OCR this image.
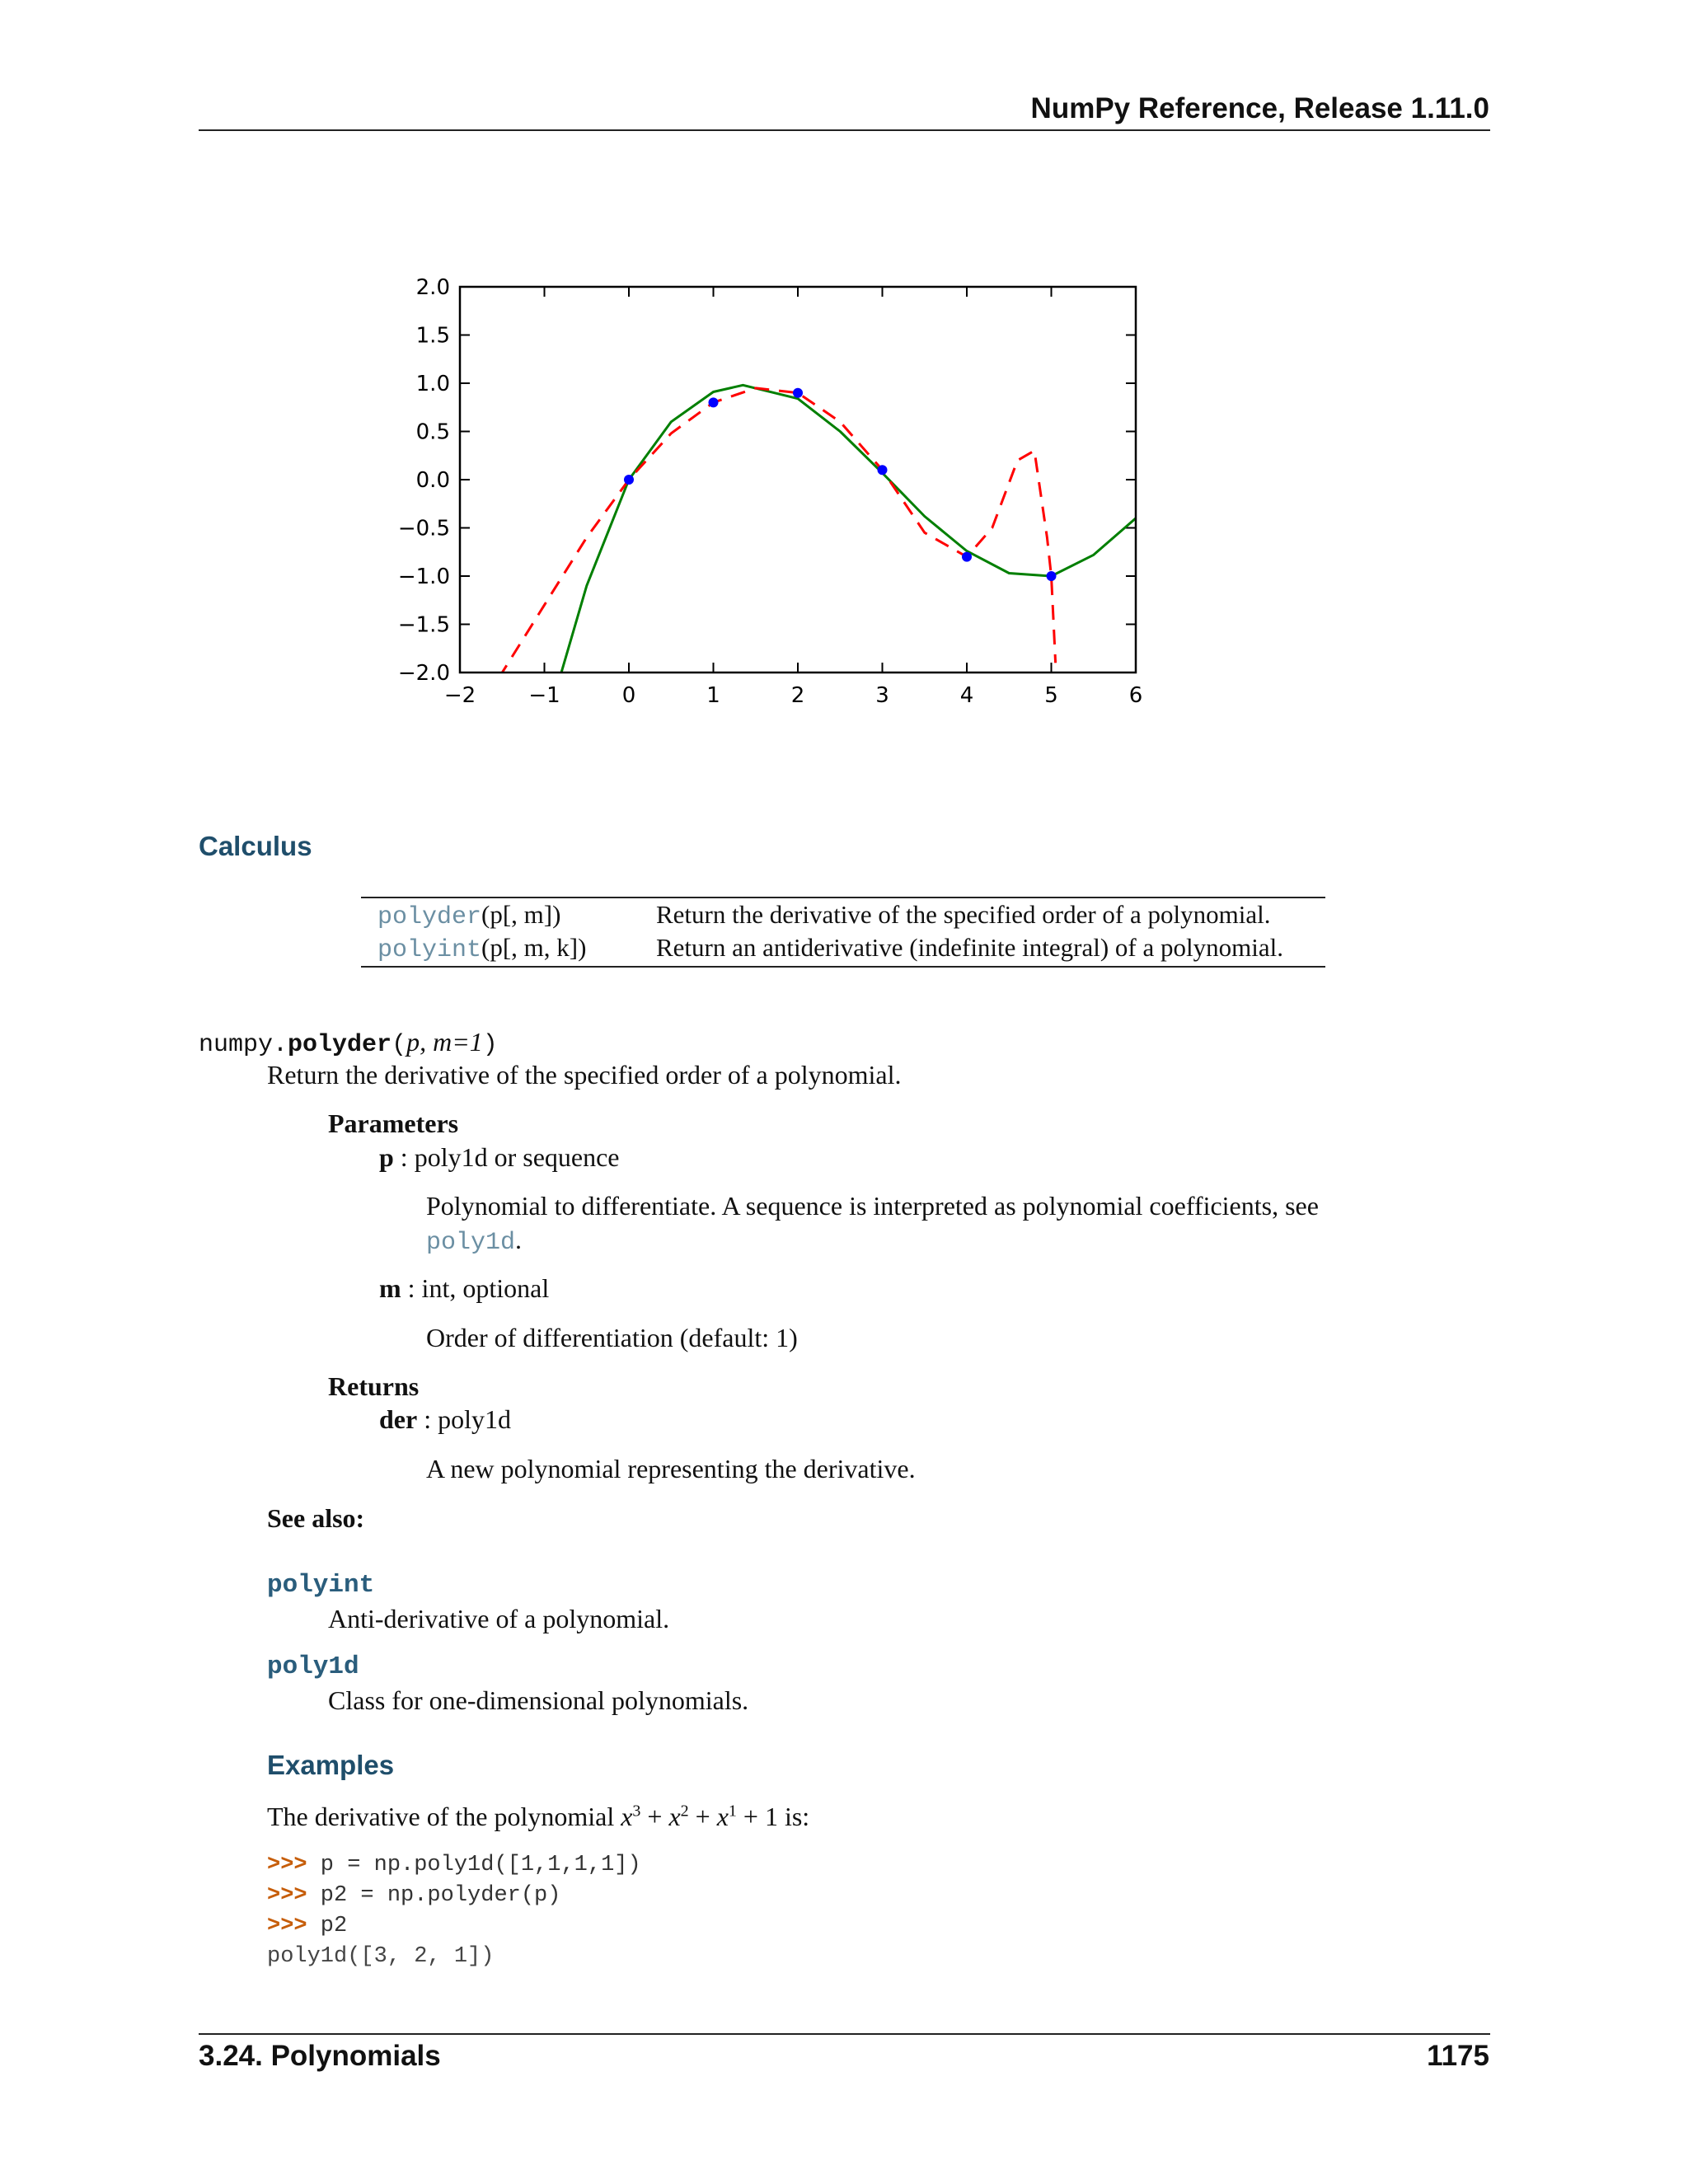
NumPy Reference, Release 1.11.0
−2 −1	0	1	2	3	4	5	6
2.0
1.5
1.0
0.5
0.0
−0.5
−1.0
−1.5
−2.0
Calculus
polyder(p[, m])	Return the derivative of the specified order of a polynomial.
polyint(p[, m, k])	Return an antiderivative (indefinite integral) of a polynomial.
numpy.polyder(p, m=1)
Return the derivative of the specified order of a polynomial.
Parameters
p : poly1d or sequence
Polynomial to differentiate. A sequence is interpreted as polynomial coefficients, see
poly1d.
m : int, optional
Order of differentiation (default: 1)
Returns
der : poly1d
A new polynomial representing the derivative.
See also:
polyint
Anti-derivative of a polynomial.
poly1d
Class for one-dimensional polynomials.
Examples
The derivative of the polynomial $x^3 + x^2 + x^1 + 1$ is:
>>> p = np.poly1d([1,1,1,1])
>>> p2 = np.polyder(p)
>>> p2
poly1d([3, 2, 1])
3.24. Polynomials	1175
